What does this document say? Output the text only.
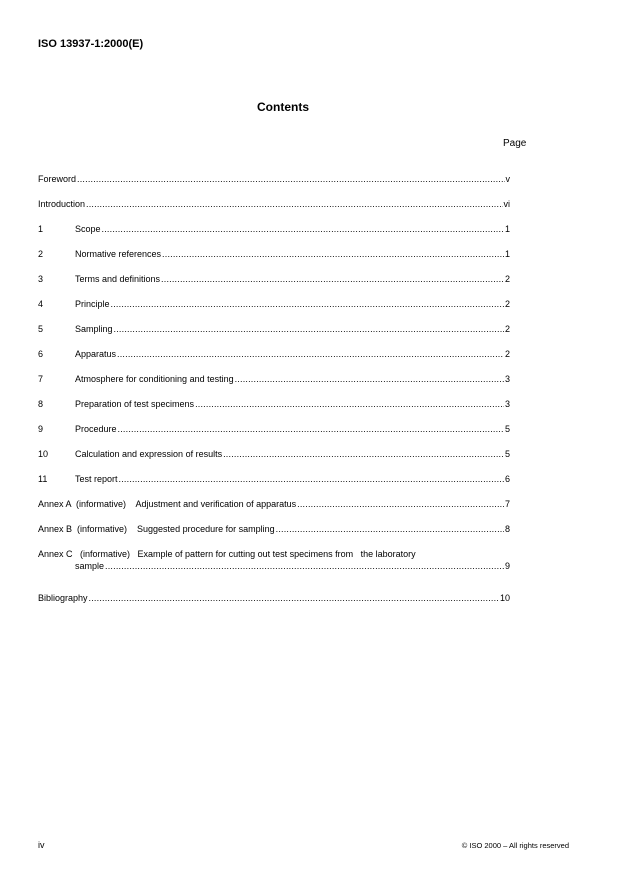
ISO 13937-1:2000(E)
Contents
Page
Foreword .....	v
Introduction .....	vi
1	Scope .....	1
2	Normative references .....	1
3	Terms and definitions .....	2
4	Principle .....	2
5	Sampling .....	2
6	Apparatus .....	2
7	Atmosphere for conditioning and testing .....	3
8	Preparation of test specimens .....	3
9	Procedure .....	5
10	Calculation and expression of results .....	5
11	Test report .....	6
Annex A  (informative)    Adjustment and verification of apparatus .....	7
Annex B  (informative)    Suggested procedure for sampling .....	8
Annex C   (informative)   Example of pattern for cutting out test specimens from   the laboratory
sample .....	9
Bibliography .....	10
iv	© ISO 2000 – All rights reserved
